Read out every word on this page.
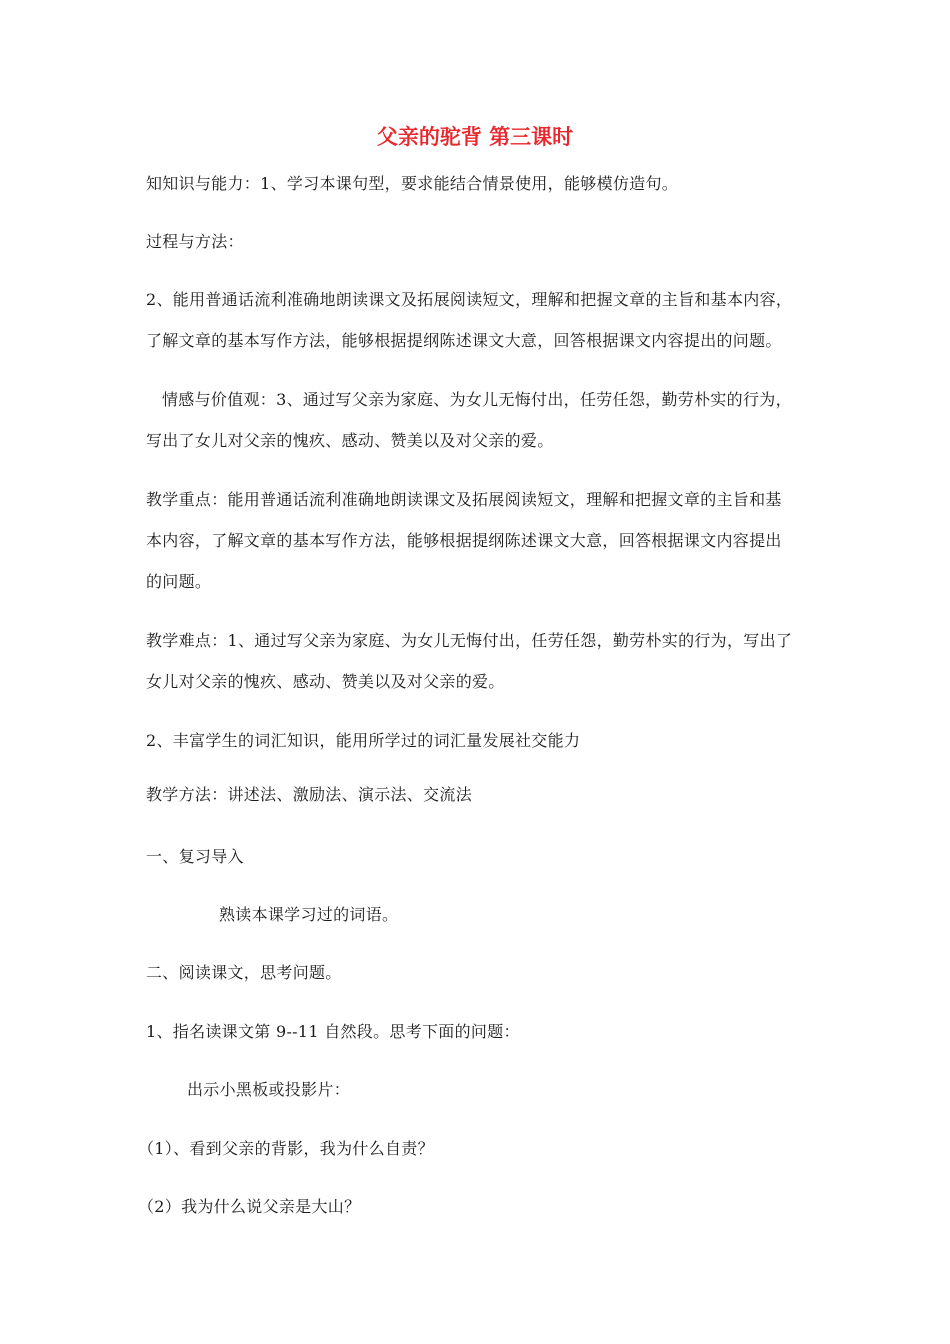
父亲的驼背 第三课时
知知识与能力：1、学习本课句型，要求能结合情景使用，能够模仿造句。
过程与方法：
2、能用普通话流利准确地朗读课文及拓展阅读短文，理解和把握文章的主旨和基本内容，
了解文章的基本写作方法，能够根据提纲陈述课文大意，回答根据课文内容提出的问题。
情感与价值观：3、通过写父亲为家庭、为女儿无悔付出，任劳任怨，勤劳朴实的行为，
写出了女儿对父亲的愧疚、感动、赞美以及对父亲的爱。
教学重点：能用普通话流利准确地朗读课文及拓展阅读短文，理解和把握文章的主旨和基
本内容，了解文章的基本写作方法，能够根据提纲陈述课文大意，回答根据课文内容提出
的问题。
教学难点：1、通过写父亲为家庭、为女儿无悔付出，任劳任怨，勤劳朴实的行为，写出了
女儿对父亲的愧疚、感动、赞美以及对父亲的爱。
2、丰富学生的词汇知识，能用所学过的词汇量发展社交能力
教学方法：讲述法、激励法、演示法、交流法
一、复习导入
熟读本课学习过的词语。
二、阅读课文，思考问题。
1、指名读课文第 9--11 自然段。思考下面的问题：
出示小黑板或投影片：
（1）、看到父亲的背影，我为什么自责？
（2）我为什么说父亲是大山？
